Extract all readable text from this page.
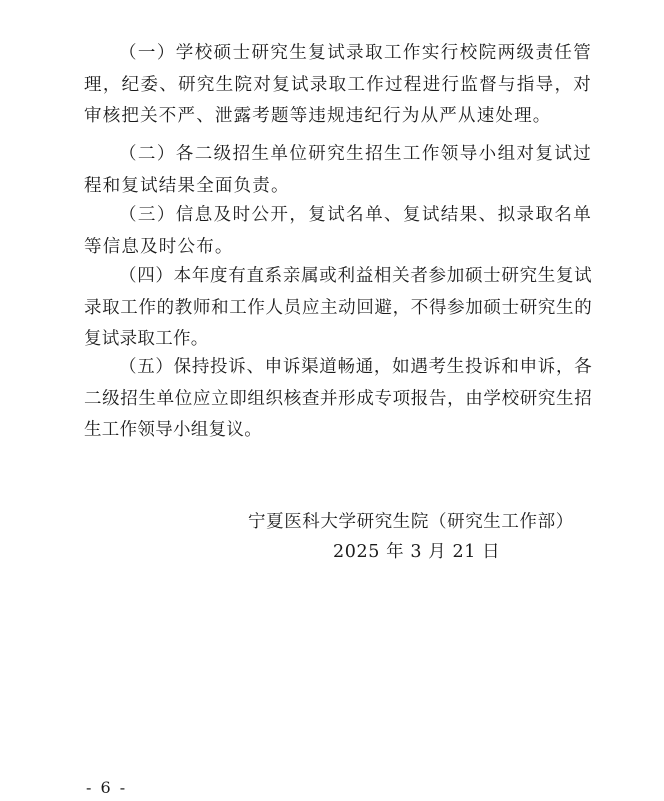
（一）学校硕士研究生复试录取工作实行校院两级责任管理，纪委、研究生院对复试录取工作过程进行监督与指导，对审核把关不严、泄露考题等违规违纪行为从严从速处理。

（二）各二级招生单位研究生招生工作领导小组对复试过程和复试结果全面负责。

（三）信息及时公开，复试名单、复试结果、拟录取名单等信息及时公布。

（四）本年度有直系亲属或利益相关者参加硕士研究生复试录取工作的教师和工作人员应主动回避，不得参加硕士研究生的复试录取工作。

（五）保持投诉、申诉渠道畅通，如遇考生投诉和申诉，各二级招生单位应立即组织核查并形成专项报告，由学校研究生招生工作领导小组复议。

宁夏医科大学研究生院（研究生工作部）
2025 年 3 月 21 日
- 6 -
